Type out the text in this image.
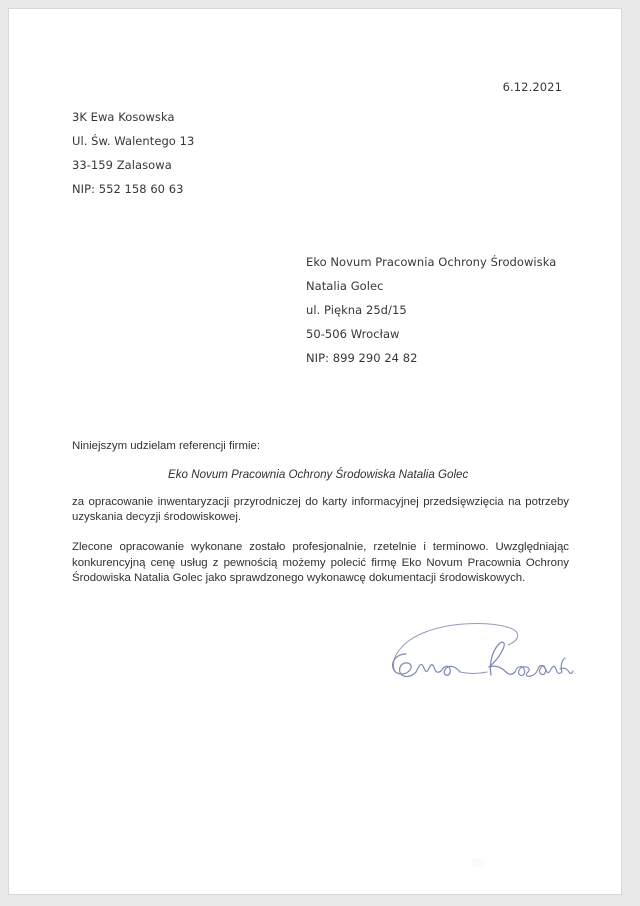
6.12.2021
3K Ewa Kosowska
Ul. Św. Walentego 13
33-159 Zalasowa
NIP: 552 158 60 63
Eko Novum Pracownia Ochrony Środowiska
Natalia Golec
ul. Piękna 25d/15
50-506 Wrocław
NIP: 899 290 24 82

Niniejszym udzielam referencji firmie:

Eko Novum Pracownia Ochrony Środowiska Natalia Golec

za opracowanie inwentaryzacji przyrodniczej do karty informacyjnej przedsięwzięcia na potrzeby uzyskania decyzji środowiskowej.

Zlecone opracowanie wykonane zostało profesjonalnie, rzetelnie i terminowo. Uwzględniając konkurencyjną cenę usług z pewnością możemy polecić firmę Eko Novum Pracownia Ochrony Środowiska Natalia Golec jako sprawdzonego wykonawcę dokumentacji środowiskowych.
